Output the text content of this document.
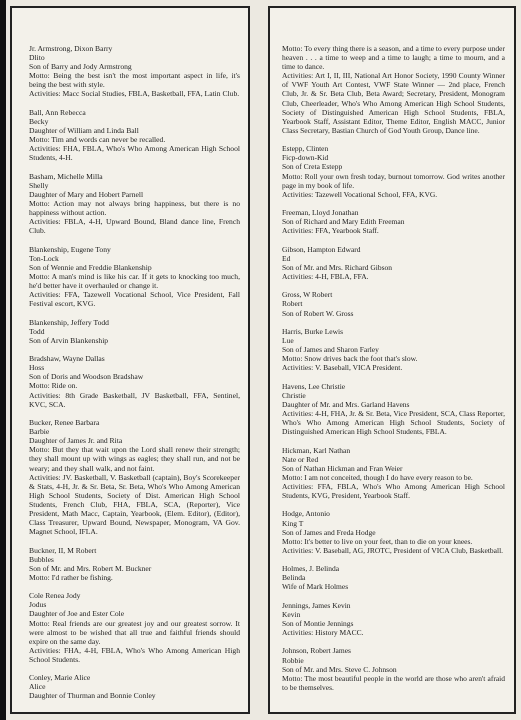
Jr. Armstrong, Dixon Barry

Dlito

Son of Barry and Jody Armstrong

Motto: Being the best isn't the most important aspect in life, it's being the best with style.

Activities: Macc Social Studies, FBLA, Basketball, FFA, Latin Club.

Ball, Ann Rebecca

Becky

Daughter of William and Linda Ball

Motto: Tim and words can never be recalled.

Activities: FHA, FBLA, Who's Who Among American High School Students, 4-H.

Basham, Michelle Milla

Shelly

Daughter of Mary and Hobert Parnell

Motto: Action may not always bring happiness, but there is no happiness without action.

Activities: FBLA, 4-H, Upward Bound, Bland dance line, French Club.

Blankenship, Eugene Tony

Ton-Lock

Son of Wennie and Freddie Blankenship

Motto: A man's mind is like his car. If it gets to knocking too much, he'd better have it overhauled or change it.

Activities: FFA, Tazewell Vocational School, Vice President, Fall Festival escort, KVG.

Blankenship, Jeffery Todd

Todd

Son of Arvin Blankenship

Bradshaw, Wayne Dallas

Hoss

Son of Doris and Woodson Bradshaw

Motto: Ride on.

Activities: 8th Grade Basketball, JV Basketball, FFA, Sentinel, KVC, SCA.

Bucker, Renee Barbara

Barbie

Daughter of James Jr. and Rita

Motto: But they that wait upon the Lord shall renew their strength; they shall mount up with wings as eagles; they shall run, and not be weary; and they shall walk, and not faint.

Activities: JV. Basketball, V. Basketball (captain), Boy's Scorekeeper & Stats, 4-H, Jr. & Sr. Beta, Sr. Beta, Who's Who Among American High School Students, Society of Dist. American High School Students, French Club, FHA, FBLA, SCA, (Reporter), Vice President, Math Macc, Captain, Yearbook, (Elem. Editor), (Editor), Class Treasurer, Upward Bound, Newspaper, Monogram, VA Gov. Magnet School, IFLA.

Buckner, II, M Robert

Bubbles

Son of Mr. and Mrs. Robert M. Buckner

Motto: I'd rather be fishing.

Cole Renea Jody

Jodus

Daughter of Joe and Ester Cole

Motto: Real friends are our greatest joy and our greatest sorrow. It were almost to be wished that all true and faithful friends should expire on the same day.

Activities: FHA, 4-H, FBLA, Who's Who Among American High School Students.

Conley, Marie Alice

Alice

Daughter of Thurman and Bonnie Conley

Motto: To every thing there is a season, and a time to every purpose under heaven . . . a time to weep and a time to laugh; a time to mourn, and a time to dance.

Activities: Art I, II, III, National Art Honor Society, 1990 County Winner of VWF Youth Art Contest, VWF State Winner — 2nd place, French Club, Jr. & Sr. Beta Club, Beta Award; Secretary, President, Monogram Club, Cheerleader, Who's Who Among American High School Students, Society of Distinguished American High School Students, FBLA, Yearbook Staff, Assistant Editor, Theme Editor, English MACC, Junior Class Secretary, Bastian Church of God Youth Group, Dance line.

Estepp, Clinten

Ficp-down-Kid

Son of Creta Estepp

Motto: Roll your own fresh today, burnout tomorrow. God writes another page in my book of life.

Activities: Tazewell Vocational School, FFA, KVG.

Freeman, Lloyd Jonathan

Son of Richard and Mary Edith Freeman

Activities: FFA, Yearbook Staff.

Gibson, Hampton Edward

Ed

Son of Mr. and Mrs. Richard Gibson

Activities: 4-H, FBLA, FFA.

Gross, W Robert

Robert

Son of Robert W. Gross

Harris, Burke Lewis

Lue

Son of James and Sharon Farley

Motto: Snow drives back the foot that's slow.

Activities: V. Baseball, VICA President.

Havens, Lee Christie

Christie

Daughter of Mr. and Mrs. Garland Havens

Activities: 4-H, FHA, Jr. & Sr. Beta, Vice President, SCA, Class Reporter, Who's Who Among American High School Students, Society of Distinguished American High School Students, FBLA.

Hickman, Karl Nathan

Nate or Red

Son of Nathan Hickman and Fran Weier

Motto: I am not conceited, though I do have every reason to be.

Activities: FFA, FBLA, Who's Who Among American High School Students, KVG, President, Yearbook Staff.

Hodge, Antonio

King T

Son of James and Freda Hodge

Motto: It's better to live on your feet, than to die on your knees.

Activities: V. Baseball, AG, JROTC, President of VICA Club, Basketball.

Holmes, J. Belinda

Belinda

Wife of Mark Holmes

Jennings, James Kevin

Kevin

Son of Montie Jennings

Activities: History MACC.

Johnson, Robert James

Robbie

Son of Mr. and Mrs. Steve C. Johnson

Motto: The most beautiful people in the world are those who aren't afraid to be themselves.
